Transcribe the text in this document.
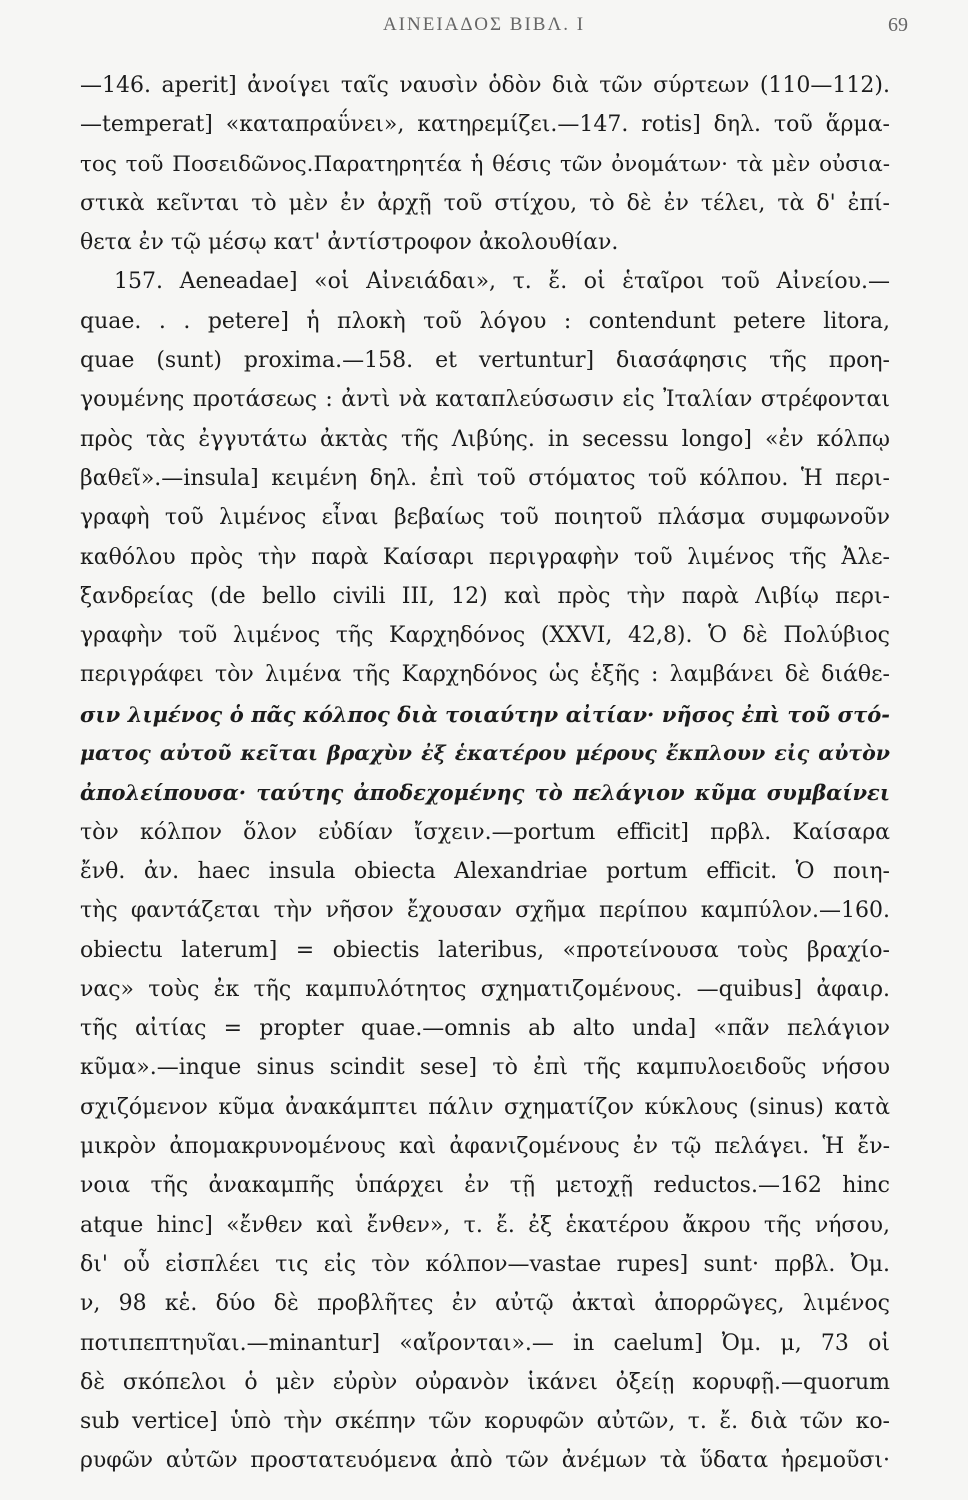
ΑΙΝΕΙΑΔΟΣ ΒΙΒΛ. Ι	69
—146. aperit] ἀνοίγει ταῖς ναυσὶν ὁδὸν διὰ τῶν σύρτεων (110—112).
—temperat] «καταπραΰνει», κατηρεμίζει.—147. rotis] δηλ. τοῦ ἅρμα-
τος τοῦ Ποσειδῶνος.Παρατηρητέα ἡ θέσις τῶν ὀνομάτων· τὰ μὲν οὐσια-
στικὰ κεῖνται τὸ μὲν ἐν ἀρχῇ τοῦ στίχου, τὸ δὲ ἐν τέλει, τὰ δ' ἐπί-
θετα ἐν τῷ μέσῳ κατ' ἀντίστροφον ἀκολουθίαν.
157. Aeneadae] «οἱ Αἰνειάδαι», τ. ἔ. οἱ ἑταῖροι τοῦ Αἰνείου.—
quae. . . petere] ἡ πλοκὴ τοῦ λόγου : contendunt petere litora,
quae (sunt) proxima.—158. et vertuntur] διασάφησις τῆς προη-
γουμένης προτάσεως : ἀντὶ νὰ καταπλεύσωσιν εἰς Ἰταλίαν στρέφονται
πρὸς τὰς ἐγγυτάτω ἀκτὰς τῆς Λιβύης. in secessu longo] «ἐν κόλπῳ
βαθεῖ».—insula] κειμένη δηλ. ἐπὶ τοῦ στόματος τοῦ κόλπου. Ἡ περι-
γραφὴ τοῦ λιμένος εἶναι βεβαίως τοῦ ποιητοῦ πλάσμα συμφωνοῦν
καθόλου πρὸς τὴν παρὰ Καίσαρι περιγραφὴν τοῦ λιμένος τῆς Ἀλε-
ξανδρείας (de bello civili III, 12) καὶ πρὸς τὴν παρὰ Λιβίῳ περι-
γραφὴν τοῦ λιμένος τῆς Καρχηδόνος (XXVI, 42,8). Ὁ δὲ Πολύβιος
περιγράφει τὸν λιμένα τῆς Καρχηδόνος ὡς ἑξῆς : λαμβάνει δὲ διάθε-
σιν λιμένος ὁ πᾶς κόλπος διὰ τοιαύτην αἰτίαν· νῆσος ἐπὶ τοῦ στό-
ματος αὐτοῦ κεῖται βραχὺν ἐξ ἑκατέρου μέρους ἔκπλουν εἰς αὐτὸν
ἀπολείπουσα· ταύτης ἀποδεχομένης τὸ πελάγιον κῦμα συμβαίνει
τὸν κόλπον ὅλον εὐδίαν ἴσχειν.—portum efficit] πρβλ. Καίσαρα
ἔνθ. ἀν. haec insula obiecta Alexandriae portum efficit. Ὁ ποιη-
τὴς φαντάζεται τὴν νῆσον ἔχουσαν σχῆμα περίπου καμπύλον.—160.
obiectu laterum] = obiectis lateribus, «προτείνουσα τοὺς βραχίο-
νας» τοὺς ἐκ τῆς καμπυλότητος σχηματιζομένους. —quibus] ἀφαιρ.
τῆς αἰτίας = propter quae.—omnis ab alto unda] «πᾶν πελάγιον
κῦμα».—inque sinus scindit sese] τὸ ἐπὶ τῆς καμπυλοειδοῦς νήσου
σχιζόμενον κῦμα ἀνακάμπτει πάλιν σχηματίζον κύκλους (sinus) κατὰ
μικρὸν ἀπομακρυνομένους καὶ ἀφανιζομένους ἐν τῷ πελάγει. Ἡ ἔν-
νοια τῆς ἀνακαμπῆς ὑπάρχει ἐν τῇ μετοχῇ reductos.—162 hinc
atque hinc] «ἔνθεν καὶ ἔνθεν», τ. ἔ. ἐξ ἑκατέρου ἄκρου τῆς νήσου,
δι' οὗ εἰσπλέει τις εἰς τὸν κόλπον—vastae rupes] sunt· πρβλ. Ὀμ.
ν, 98 κἑ. δύο δὲ προβλῆτες ἐν αὐτῷ ἀκταὶ ἀπορρῶγες, λιμένος
ποτιπεπτηυῖαι.—minantur] «αἴρονται».— in caelum] Ὀμ. μ, 73 οἱ
δὲ σκόπελοι ὁ μὲν εὐρὺν οὐρανὸν ἱκάνει ὀξείῃ κορυφῇ.—quorum
sub vertice] ὑπὸ τὴν σκέπην τῶν κορυφῶν αὐτῶν, τ. ἔ. διὰ τῶν κο-
ρυφῶν αὐτῶν προστατευόμενα ἀπὸ τῶν ἀνέμων τὰ ὕδατα ἠρεμοῦσι·
